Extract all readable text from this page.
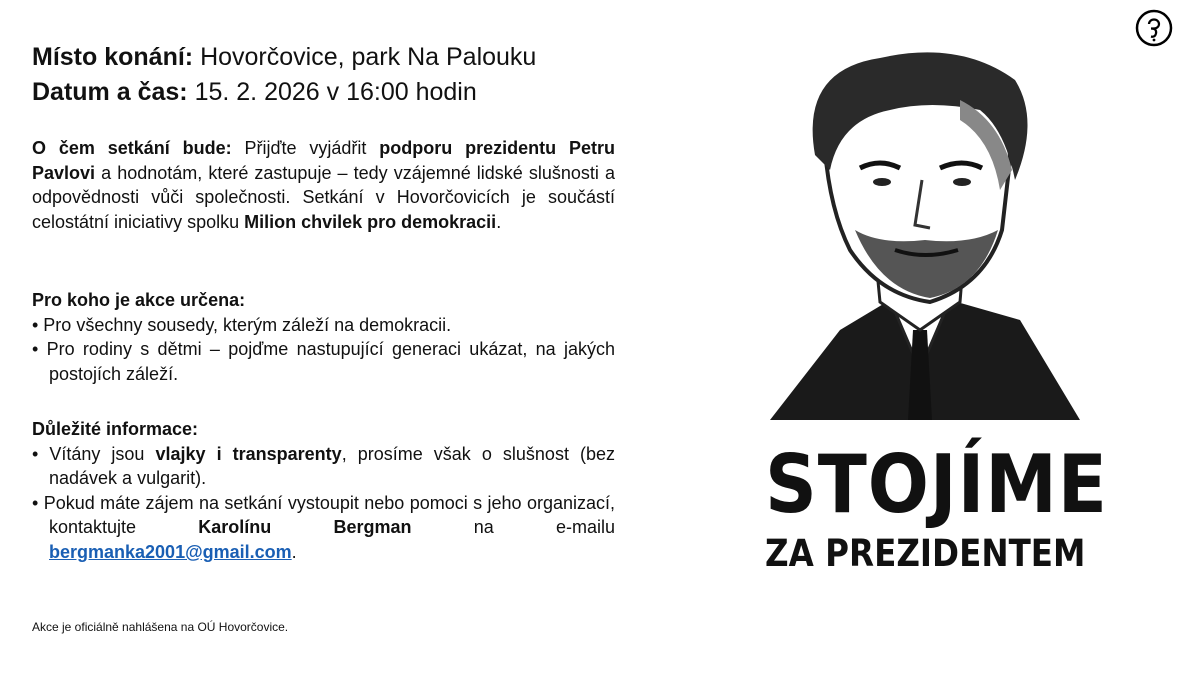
Místo konání: Hovorčovice, park Na Palouku
Datum a čas: 15. 2. 2026 v 16:00 hodin
O čem setkání bude: Přijďte vyjádřit podporu prezidentu Petru Pavlovi a hodnotám, které zastupuje – tedy vzájemné lidské slušnosti a odpovědnosti vůči společnosti. Setkání v Hovorčovicích je součástí celostátní iniciativy spolku Milion chvilek pro demokracii.
Pro koho je akce určena:
• Pro všechny sousedy, kterým záleží na demokracii.
• Pro rodiny s dětmi – pojďme nastupující generaci ukázat, na jakých postojích záleží.
Důležité informace:
• Vítány jsou vlajky i transparenty, prosíme však o slušnost (bez nadávek a vulgarit).
• Pokud máte zájem na setkání vystoupit nebo pomoci s jeho organizací, kontaktujte Karolínu Bergman na e-mailu bergmanka2001@gmail.com.
Akce je oficiálně nahlášena na OÚ Hovorčovice.
STOJÍME
ZA PREZIDENTEM
